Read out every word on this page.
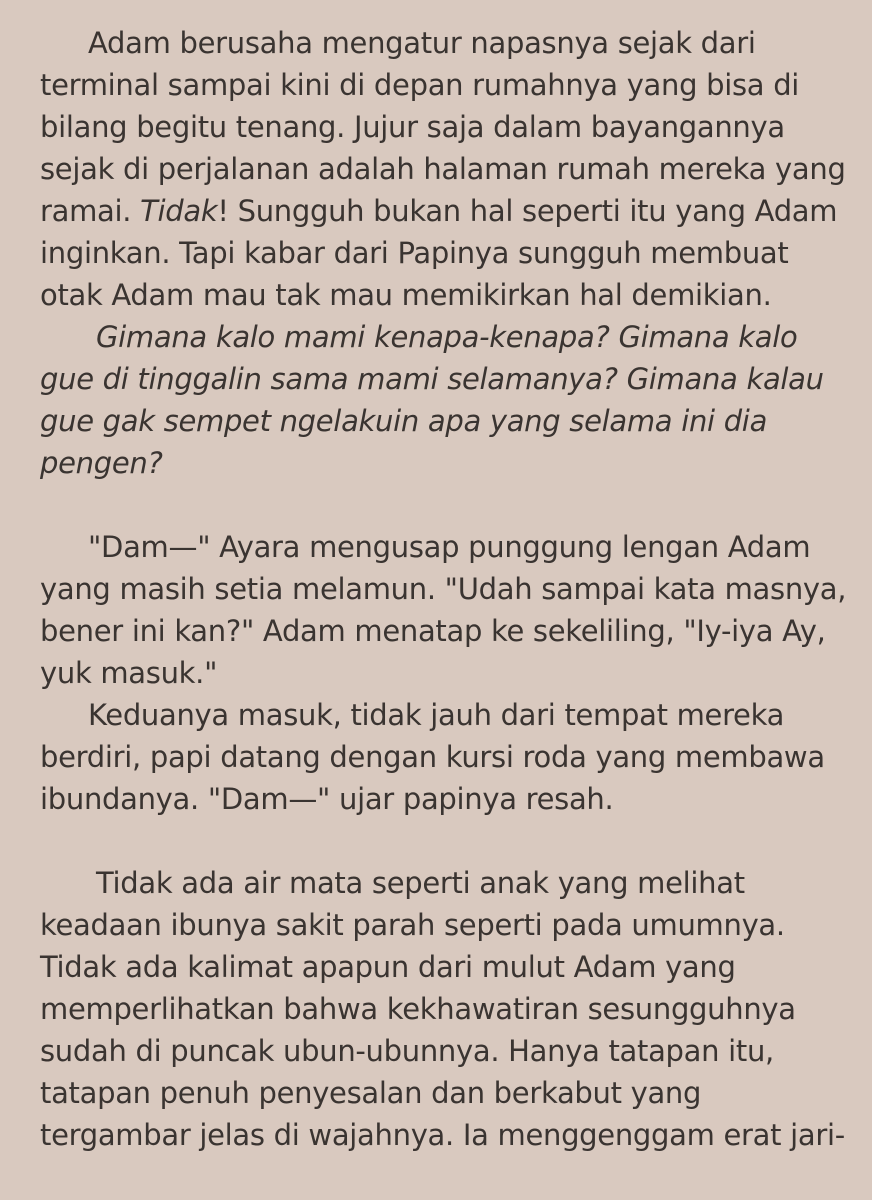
Adam berusaha mengatur napasnya sejak dari
terminal sampai kini di depan rumahnya yang bisa di
bilang begitu tenang. Jujur saja dalam bayangannya
sejak di perjalanan adalah halaman rumah mereka yang
ramai. Tidak! Sungguh bukan hal seperti itu yang Adam
inginkan. Tapi kabar dari Papinya sungguh membuat
otak Adam mau tak mau memikirkan hal demikian.
Gimana kalo mami kenapa-kenapa? Gimana kalo
gue di tinggalin sama mami selamanya? Gimana kalau
gue gak sempet ngelakuin apa yang selama ini dia
pengen?
"Dam—" Ayara mengusap punggung lengan Adam
yang masih setia melamun. "Udah sampai kata masnya,
bener ini kan?" Adam menatap ke sekeliling, "Iy-iya Ay,
yuk masuk."
Keduanya masuk, tidak jauh dari tempat mereka
berdiri, papi datang dengan kursi roda yang membawa
ibundanya. "Dam—" ujar papinya resah.
Tidak ada air mata seperti anak yang melihat
keadaan ibunya sakit parah seperti pada umumnya.
Tidak ada kalimat apapun dari mulut Adam yang
memperlihatkan bahwa kekhawatiran sesungguhnya
sudah di puncak ubun-ubunnya. Hanya tatapan itu,
tatapan penuh penyesalan dan berkabut yang
tergambar jelas di wajahnya. Ia menggenggam erat jari-
